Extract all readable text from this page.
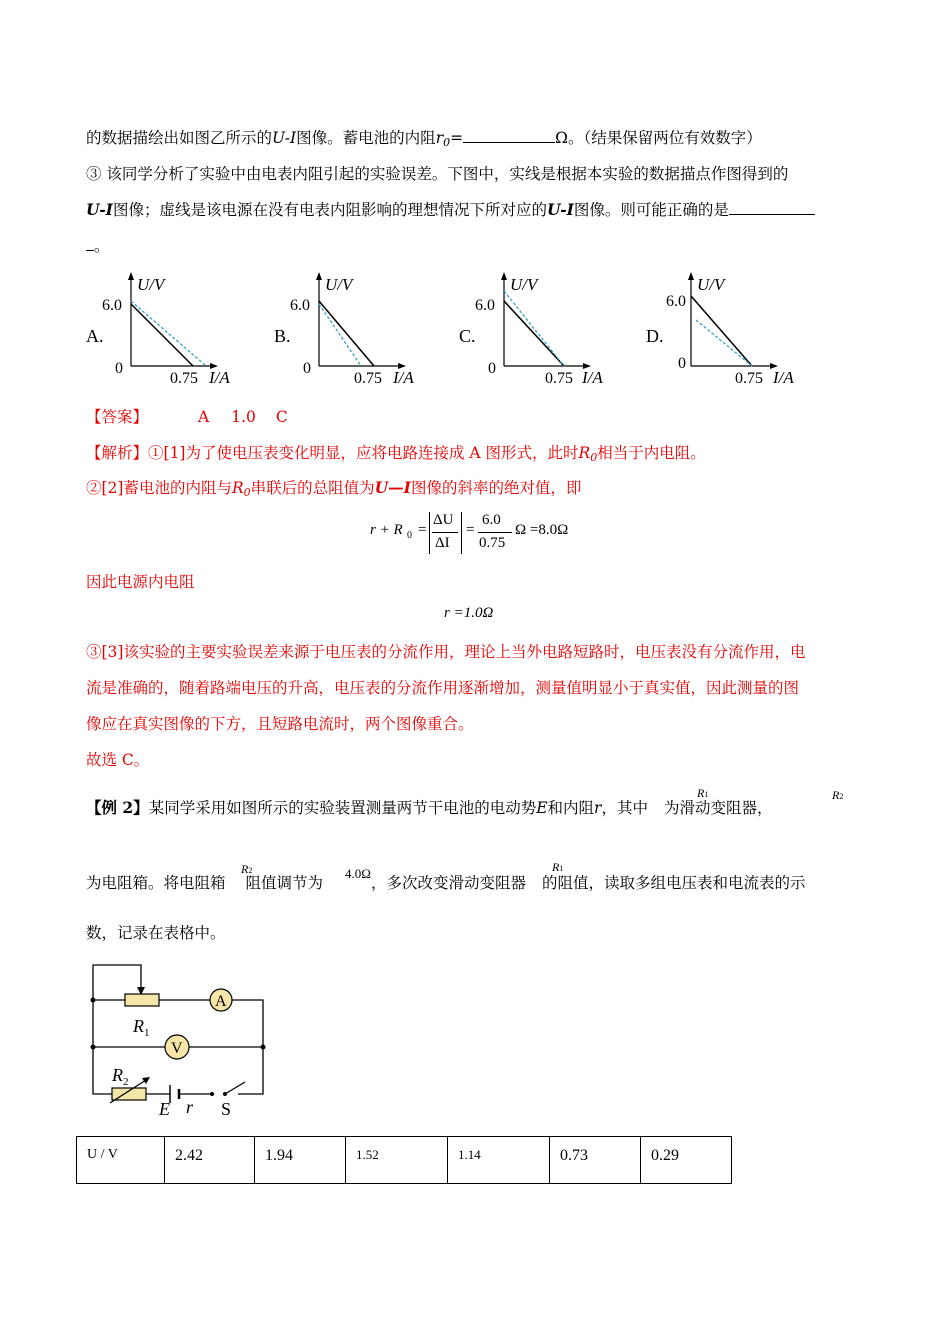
的数据描绘出如图乙所示的U-I图像。蓄电池的内阻$r_0=$	Ω。（结果保留两位有效数字）
③ 该同学分析了实验中由电表内阻引起的实验误差。下图中，实线是根据本实验的数据描点作图得到的
U-I图像；虚线是该电源在没有电表内阻影响的理想情况下所对应的U-I图像。则可能正确的是
。
A.
U/V
6.0
0
0.75 I/A
B.
U/V
6.0
0
0.75 I/A
C.
U/V
6.0
0
0.75 I/A
D.
U/V
6.0
0
0.75 I/A
【答案】	A 1.0 C
【解析】①[1]为了使电压表变化明显，应将电路连接成 A 图形式，此时$R_0$相当于内电阻。
②[2]蓄电池的内阻与$R_0$串联后的总阻值为U—I图像的斜率的绝对值，即
r + R 0 =
ΔU
ΔI
=
6.0
0.75
Ω =8.0Ω
因此电源内电阻
r =1.0Ω
③[3]该实验的主要实验误差来源于电压表的分流作用，理论上当外电路短路时，电压表没有分流作用，电
流是准确的，随着路端电压的升高，电压表的分流作用逐渐增加，测量值明显小于真实值，因此测量的图
像应在真实图像的下方，且短路电流时，两个图像重合。
故选 C。
【例 2】某同学采用如图所示的实验装置测量两节干电池的电动势E和内阻r，其中 为滑动变阻器，
R1	R2
为电阻箱。将电阻箱 阻值调节为	，多次改变滑动变阻器 的阻值，读取多组电压表和电流表的示
R2	4.0Ω	R1
数，记录在表格中。
A
V
$R_1$
$R_2$
E r S
U / V	2.42	1.94	1.52	1.14	0.73	0.29
